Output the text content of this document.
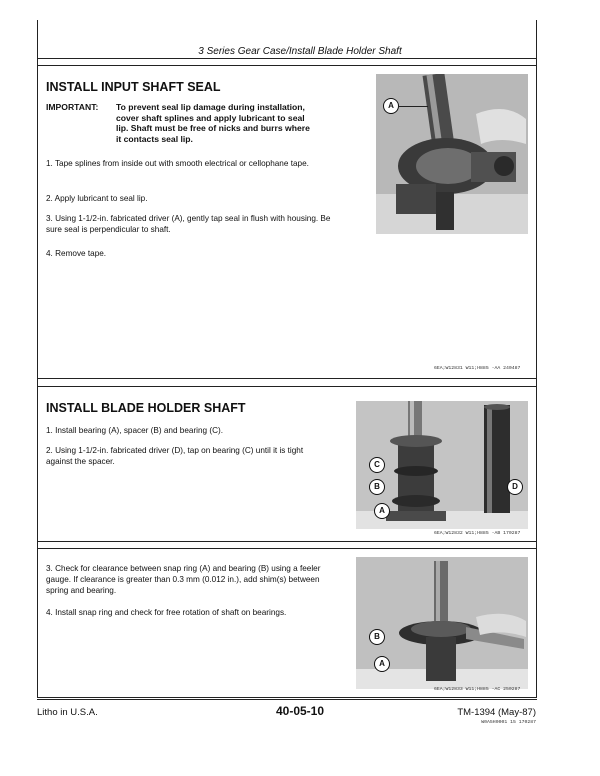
3 Series Gear Case/Install Blade Holder Shaft
INSTALL INPUT SHAFT SEAL
IMPORTANT: To prevent seal lip damage during installation, cover shaft splines and apply lubricant to seal lip. Shaft must be free of nicks and burrs where it contacts seal lip.
1. Tape splines from inside out with smooth electrical or cellophane tape.
2. Apply lubricant to seal lip.
3. Using 1-1/2-in. fabricated driver (A), gently tap seal in flush with housing. Be sure seal is perpendicular to shaft.
4. Remove tape.
A
6EA;W12831 W11;H885 -AA 240487
INSTALL BLADE HOLDER SHAFT
1. Install bearing (A), spacer (B) and bearing (C).
2. Using 1-1/2-in. fabricated driver (D), tap on bearing (C) until it is tight against the spacer.	C
B
A
D
6EA;W12832 W11;H885 -AB 170287
3. Check for clearance between snap ring (A) and bearing (B) using a feeler gauge. If clearance is greater than 0.3 mm (0.012 in.), add shim(s) between spring and bearing.
4. Install snap ring and check for free rotation of shaft on bearings.
B
A
6EA;W12833 W11;H885 -AC 250287
Litho in U.S.A.	40-05-10	TM-1394 (May-87)
W0A5H0001 15 170287
